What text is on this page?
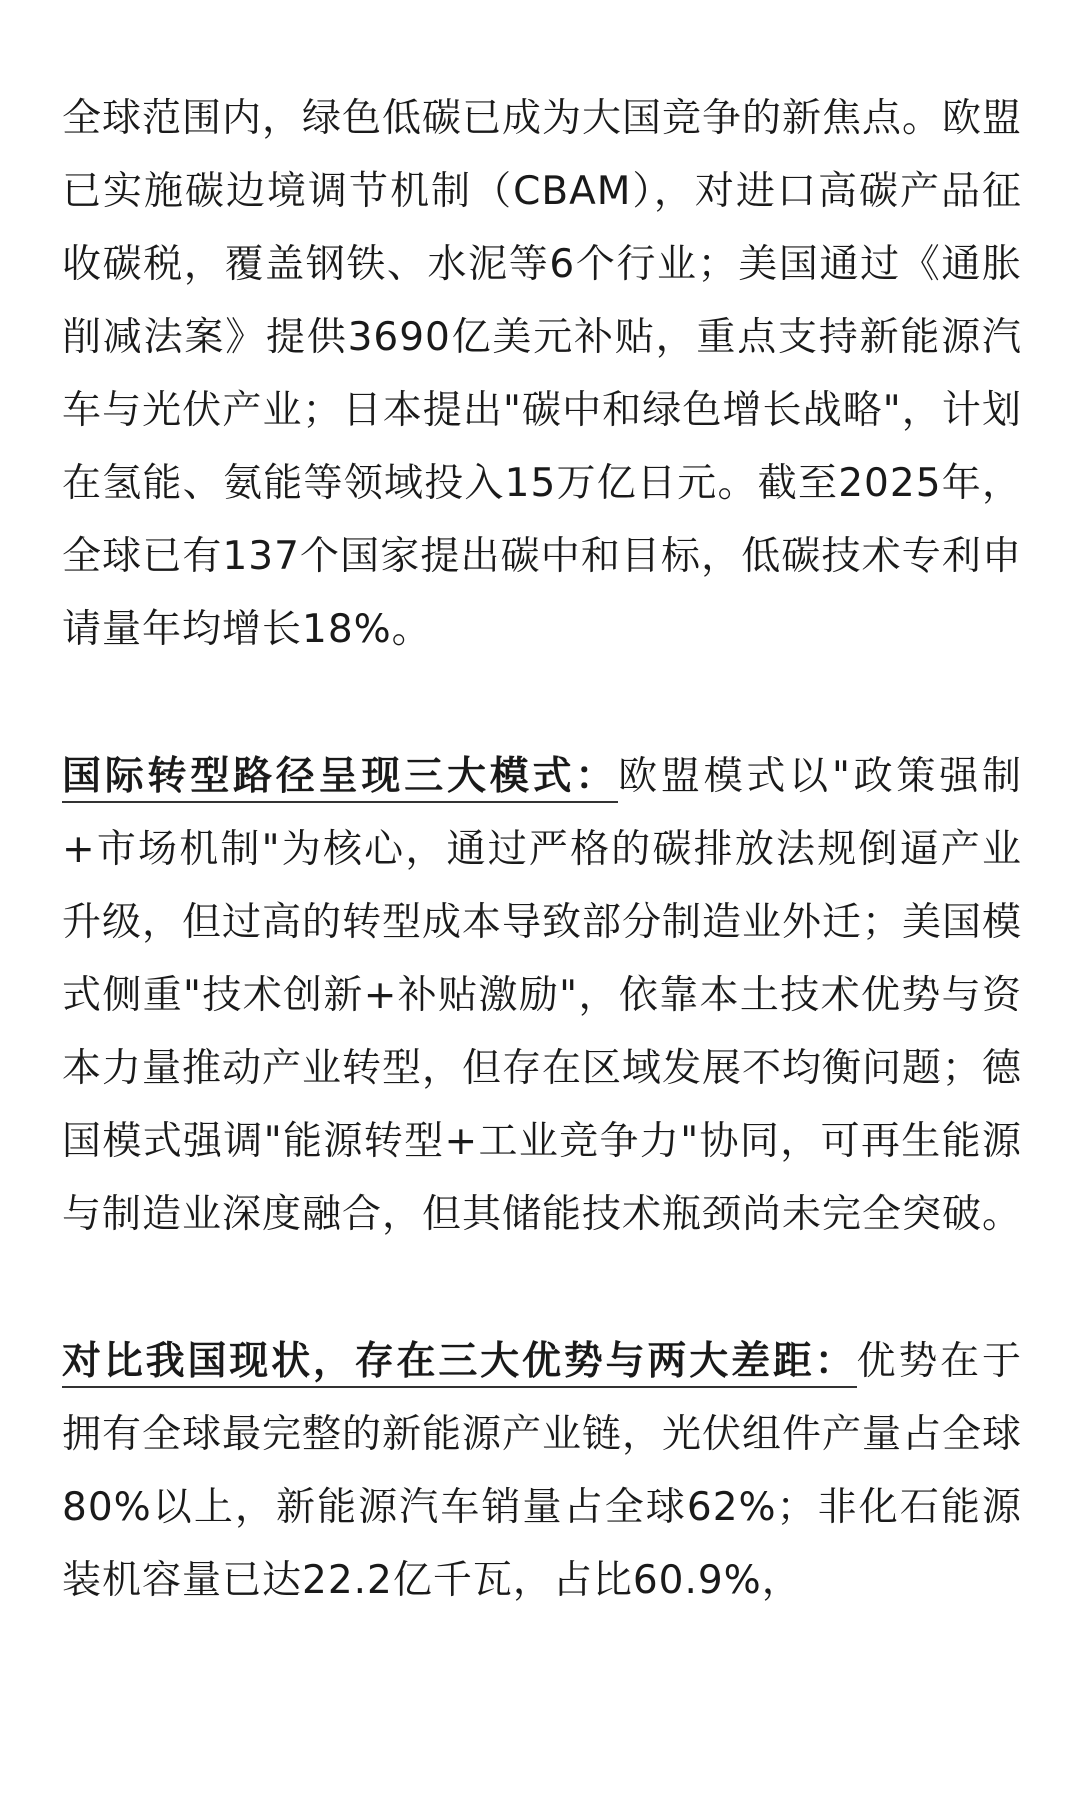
全球范围内，绿色低碳已成为大国竞争的新焦点。欧盟已实施碳边境调节机制（CBAM），对进口高碳产品征收碳税，覆盖钢铁、水泥等6个行业；美国通过《通胀削减法案》提供3690亿美元补贴，重点支持新能源汽车与光伏产业；日本提出"碳中和绿色增长战略"，计划在氢能、氨能等领域投入15万亿日元。截至2025年，全球已有137个国家提出碳中和目标，低碳技术专利申请量年均增长18%。

国际转型路径呈现三大模式：欧盟模式以"政策强制+市场机制"为核心，通过严格的碳排放法规倒逼产业升级，但过高的转型成本导致部分制造业外迁；美国模式侧重"技术创新+补贴激励"，依靠本土技术优势与资本力量推动产业转型，但存在区域发展不均衡问题；德国模式强调"能源转型+工业竞争力"协同，可再生能源与制造业深度融合，但其储能技术瓶颈尚未完全突破。

对比我国现状，存在三大优势与两大差距：优势在于拥有全球最完整的新能源产业链，光伏组件产量占全球80%以上，新能源汽车销量占全球62%；非化石能源装机容量已达22.2亿千瓦，占比60.9%，
